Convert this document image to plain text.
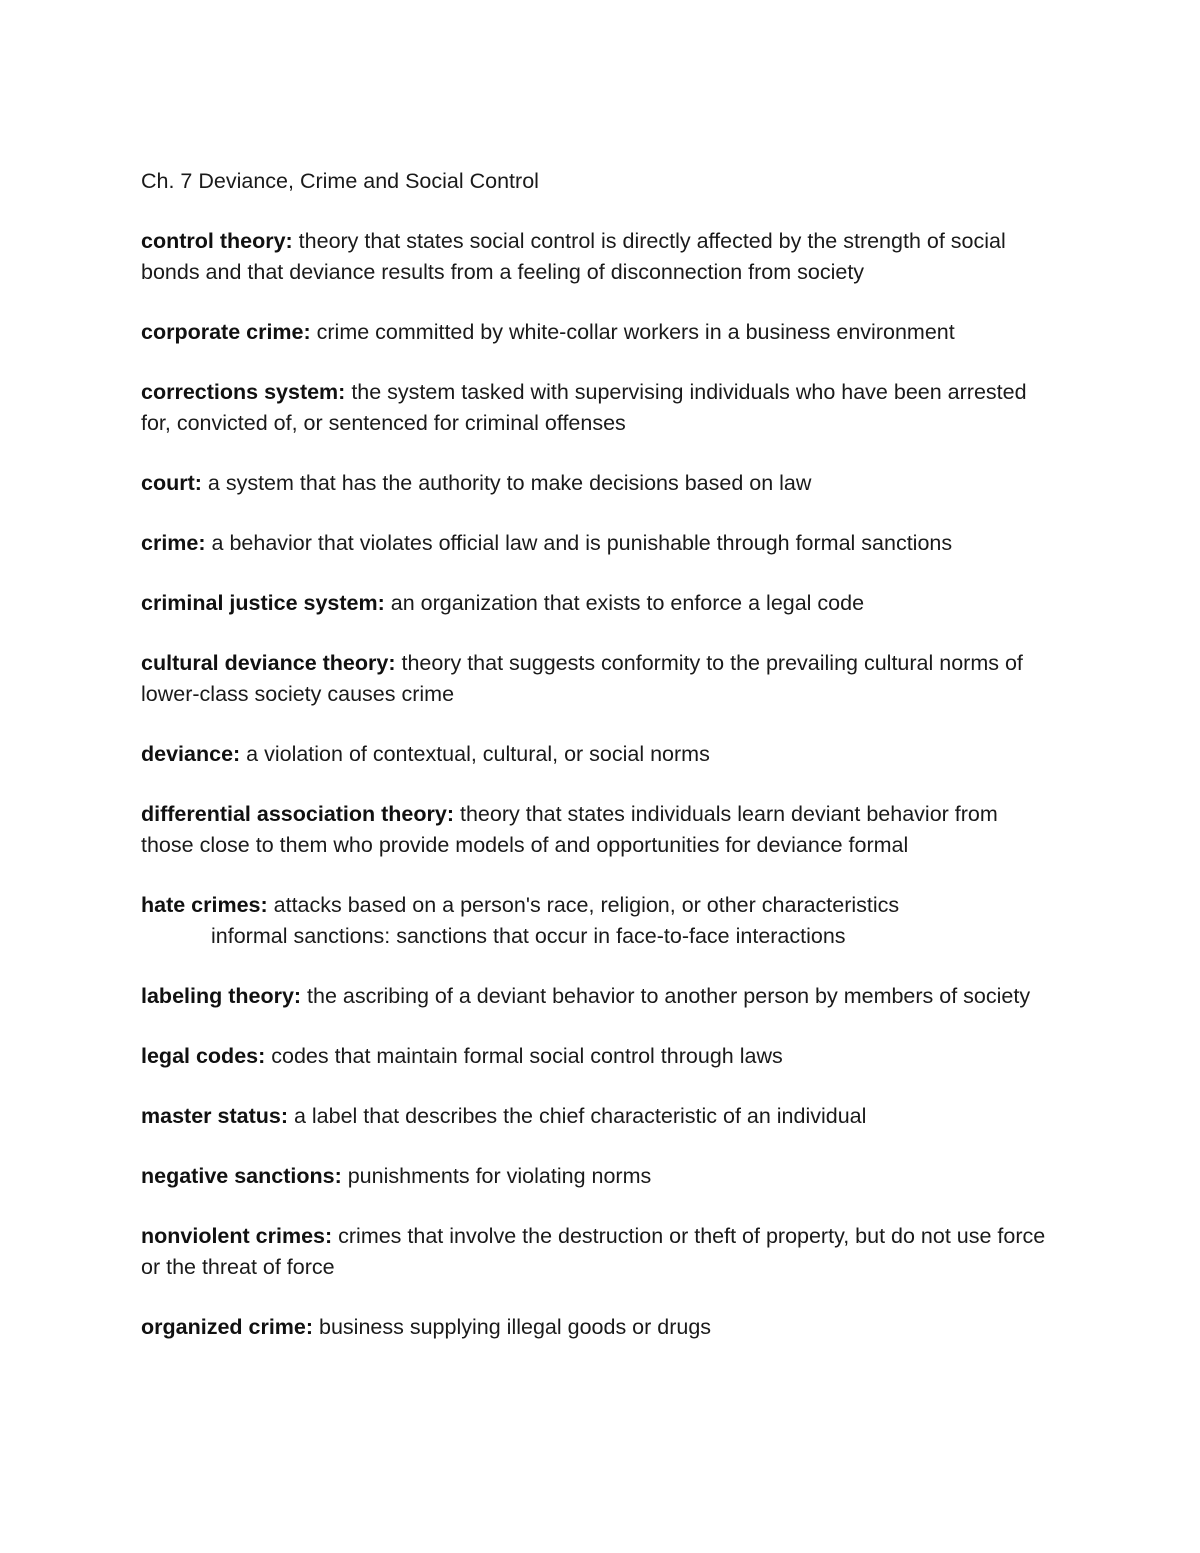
Ch. 7 Deviance, Crime and Social Control
control theory: theory that states social control is directly affected by the strength of social bonds and that deviance results from a feeling of disconnection from society
corporate crime: crime committed by white-collar workers in a business environment
corrections system: the system tasked with supervising individuals who have been arrested for, convicted of, or sentenced for criminal offenses
court: a system that has the authority to make decisions based on law
crime: a behavior that violates official law and is punishable through formal sanctions
criminal justice system: an organization that exists to enforce a legal code
cultural deviance theory: theory that suggests conformity to the prevailing cultural norms of lower-class society causes crime
deviance: a violation of contextual, cultural, or social norms
differential association theory: theory that states individuals learn deviant behavior from those close to them who provide models of and opportunities for deviance formal
hate crimes: attacks based on a person's race, religion, or other characteristics
informal sanctions: sanctions that occur in face-to-face interactions
labeling theory: the ascribing of a deviant behavior to another person by members of society
legal codes: codes that maintain formal social control through laws
master status: a label that describes the chief characteristic of an individual
negative sanctions: punishments for violating norms
nonviolent crimes: crimes that involve the destruction or theft of property, but do not use force or the threat of force
organized crime: business supplying illegal goods or drugs
